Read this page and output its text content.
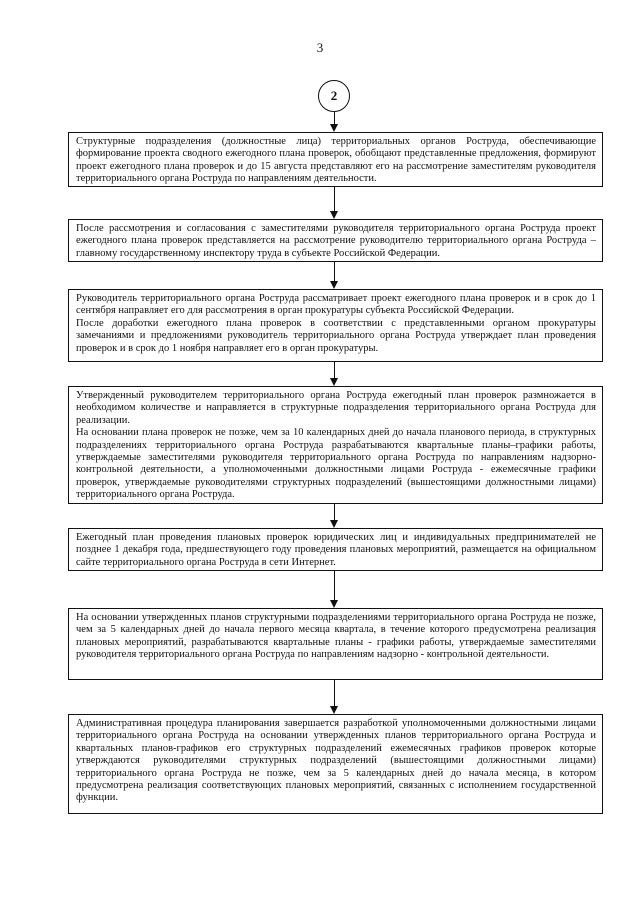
3
2

Структурные подразделения (должностные лица) территориальных органов Роструда, обеспечивающие формирование проекта сводного ежегодного плана проверок, обобщают представленные предложения, формируют проект ежегодного плана проверок и до 15 августа представляют его на рассмотрение заместителям руководителя территориального органа Роструда по направлениям деятельности.

После рассмотрения и согласования с заместителями руководителя территориального органа Роструда проект ежегодного плана проверок представляется на рассмотрение руководителю территориального органа Роструда – главному государственному инспектору труда в субъекте Российской Федерации.

Руководитель территориального органа Роструда рассматривает проект ежегодного плана проверок и в срок до 1 сентября направляет его для рассмотрения в орган прокуратуры субъекта Российской Федерации.

После доработки ежегодного плана проверок в соответствии с представленными органом прокуратуры замечаниями и предложениями руководитель территориального органа Роструда утверждает план проведения проверок и в срок до 1 ноября направляет его в орган прокуратуры.

Утвержденный руководителем территориального органа Роструда ежегодный план проверок размножается в необходимом количестве и направляется в структурные подразделения территориального органа Роструда для реализации.

На основании плана проверок не позже, чем за 10 календарных дней до начала планового периода, в структурных подразделениях территориального органа Роструда разрабатываются квартальные планы–графики работы, утверждаемые заместителями руководителя территориального органа Роструда по направлениям надзорно-контрольной деятельности, а уполномоченными должностными лицами Роструда - ежемесячные графики проверок, утверждаемые руководителями структурных подразделений (вышестоящими должностными лицами) территориального органа Роструда.

Ежегодный план проведения плановых проверок юридических лиц и индивидуальных предпринимателей не позднее 1 декабря года, предшествующего году проведения плановых мероприятий, размещается на официальном сайте территориального органа Роструда в сети Интернет.

На основании утвержденных планов структурными подразделениями территориального органа Роструда не позже, чем за 5 календарных дней до начала первого месяца квартала, в течение которого предусмотрена реализация плановых мероприятий, разрабатываются квартальные планы - графики работы, утверждаемые заместителями руководителя территориального органа Роструда по направлениям надзорно - контрольной деятельности.

Административная процедура планирования завершается разработкой уполномоченными должностными лицами территориального органа Роструда на основании утвержденных планов территориального органа Роструда и квартальных планов-графиков его структурных подразделений ежемесячных графиков проверок которые утверждаются руководителями структурных подразделений (вышестоящими должностными лицами) территориального органа Роструда не позже, чем за 5 календарных дней до начала месяца, в котором предусмотрена реализация соответствующих плановых мероприятий, связанных с исполнением государственной функции.
